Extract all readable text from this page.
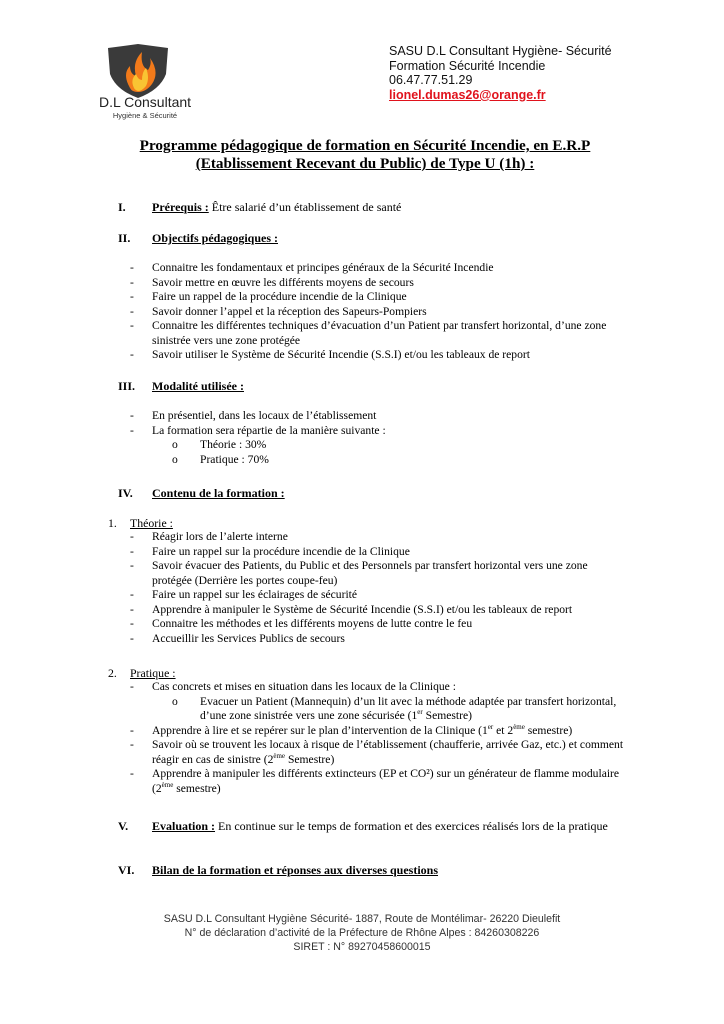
D.L Consultant
Hygiène & Sécurité
SASU D.L Consultant Hygiène- Sécurité
Formation Sécurité Incendie
06.47.77.51.29
lionel.dumas26@orange.fr
Programme pédagogique de formation en Sécurité Incendie, en E.R.P
(Etablissement Recevant du Public) de Type U (1h) :
I. Prérequis : Être salarié d’un établissement de santé
II. Objectifs pédagogiques :
- Connaitre les fondamentaux et principes généraux de la Sécurité Incendie
- Savoir mettre en œuvre les différents moyens de secours
- Faire un rappel de la procédure incendie de la Clinique
- Savoir donner l’appel et la réception des Sapeurs-Pompiers
- Connaitre les différentes techniques d’évacuation d’un Patient par transfert horizontal, d’une zone sinistrée vers une zone protégée
- Savoir utiliser le Système de Sécurité Incendie (S.S.I) et/ou les tableaux de report
III. Modalité utilisée :
- En présentiel, dans les locaux de l’établissement
- La formation sera répartie de la manière suivante :
o Théorie : 30%
o Pratique : 70%
IV. Contenu de la formation :
1. Théorie :
- Réagir lors de l’alerte interne
- Faire un rappel sur la procédure incendie de la Clinique
- Savoir évacuer des Patients, du Public et des Personnels par transfert horizontal vers une zone protégée (Derrière les portes coupe-feu)
- Faire un rappel sur les éclairages de sécurité
- Apprendre à manipuler le Système de Sécurité Incendie (S.S.I) et/ou les tableaux de report
- Connaitre les méthodes et les différents moyens de lutte contre le feu
- Accueillir les Services Publics de secours
2. Pratique :
- Cas concrets et mises en situation dans les locaux de la Clinique :
o Evacuer un Patient (Mannequin) d’un lit avec la méthode adaptée par transfert horizontal, d’une zone sinistrée vers une zone sécurisée (1er Semestre)
- Apprendre à lire et se repérer sur le plan d’intervention de la Clinique (1er et 2ème semestre)
- Savoir où se trouvent les locaux à risque de l’établissement (chaufferie, arrivée Gaz, etc.) et comment réagir en cas de sinistre (2ème Semestre)
- Apprendre à manipuler les différents extincteurs (EP et CO²) sur un générateur de flamme modulaire (2ème semestre)
V. Evaluation : En continue sur le temps de formation et des exercices réalisés lors de la pratique
VI. Bilan de la formation et réponses aux diverses questions
SASU D.L Consultant Hygiène Sécurité- 1887, Route de Montélimar- 26220 Dieulefit
N° de déclaration d’activité de la Préfecture de Rhône Alpes : 84260308226
SIRET : N° 89270458600015
